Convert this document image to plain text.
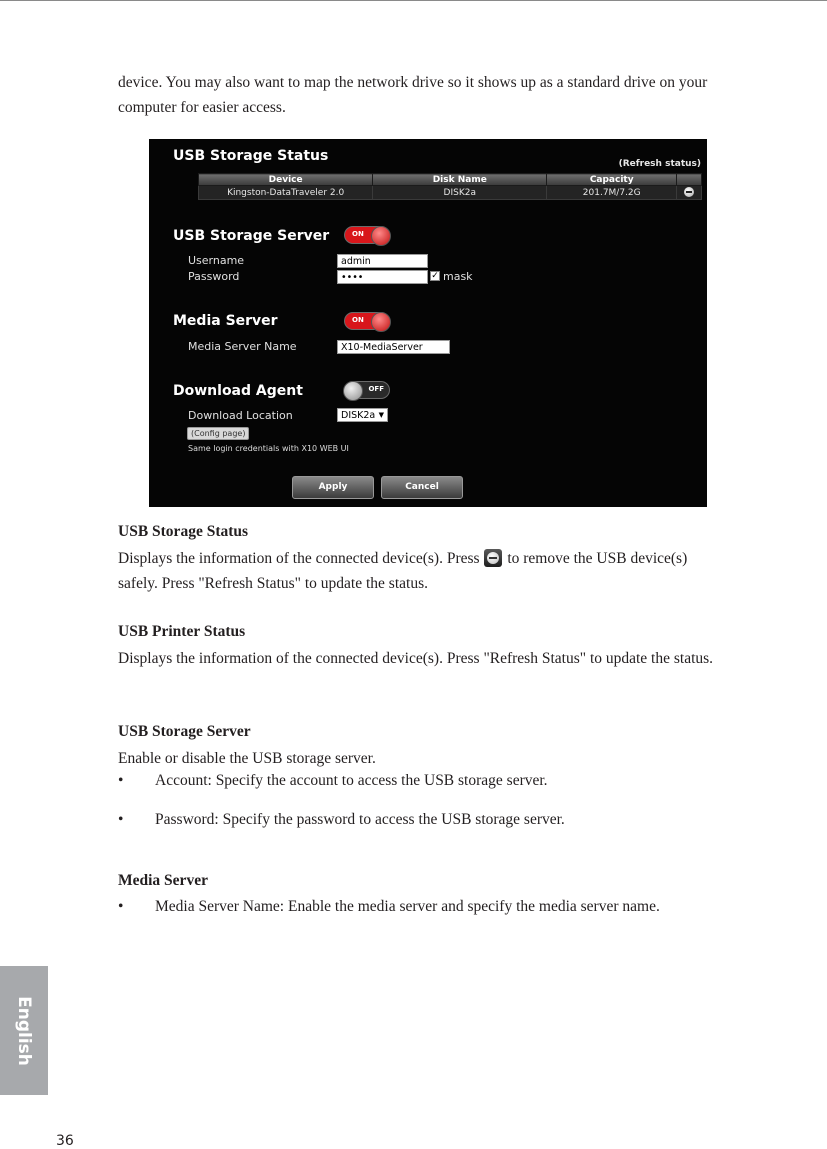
device. You may also want to map the network drive so it shows up as a standard drive on your computer for easier access.
USB Storage Status	(Refresh status)
Device	Disk Name	Capacity	
Kingston-DataTraveler 2.0	DISK2a	201.7M/7.2G	
USB Storage Server	ON
Username	admin
Password	••••	✓ mask
Media Server	ON
Media Server Name	X10-MediaServer
Download Agent	OFF
Download Location	DISK2a ▼
(Config page)
Same login credentials with X10 WEB UI
Apply	Cancel
USB Storage Status
Displays the information of the connected device(s). Press to remove the USB device(s)
safely. Press "Refresh Status" to update the status.
USB Printer Status
Displays the information of the connected device(s). Press "Refresh Status" to update the status.
USB Storage Server
Enable or disable the USB storage server.
• Account: Specify the account to access the USB storage server.
• Password: Specify the password to access the USB storage server.
Media Server
• Media Server Name: Enable the media server and specify the media server name.
English
36
